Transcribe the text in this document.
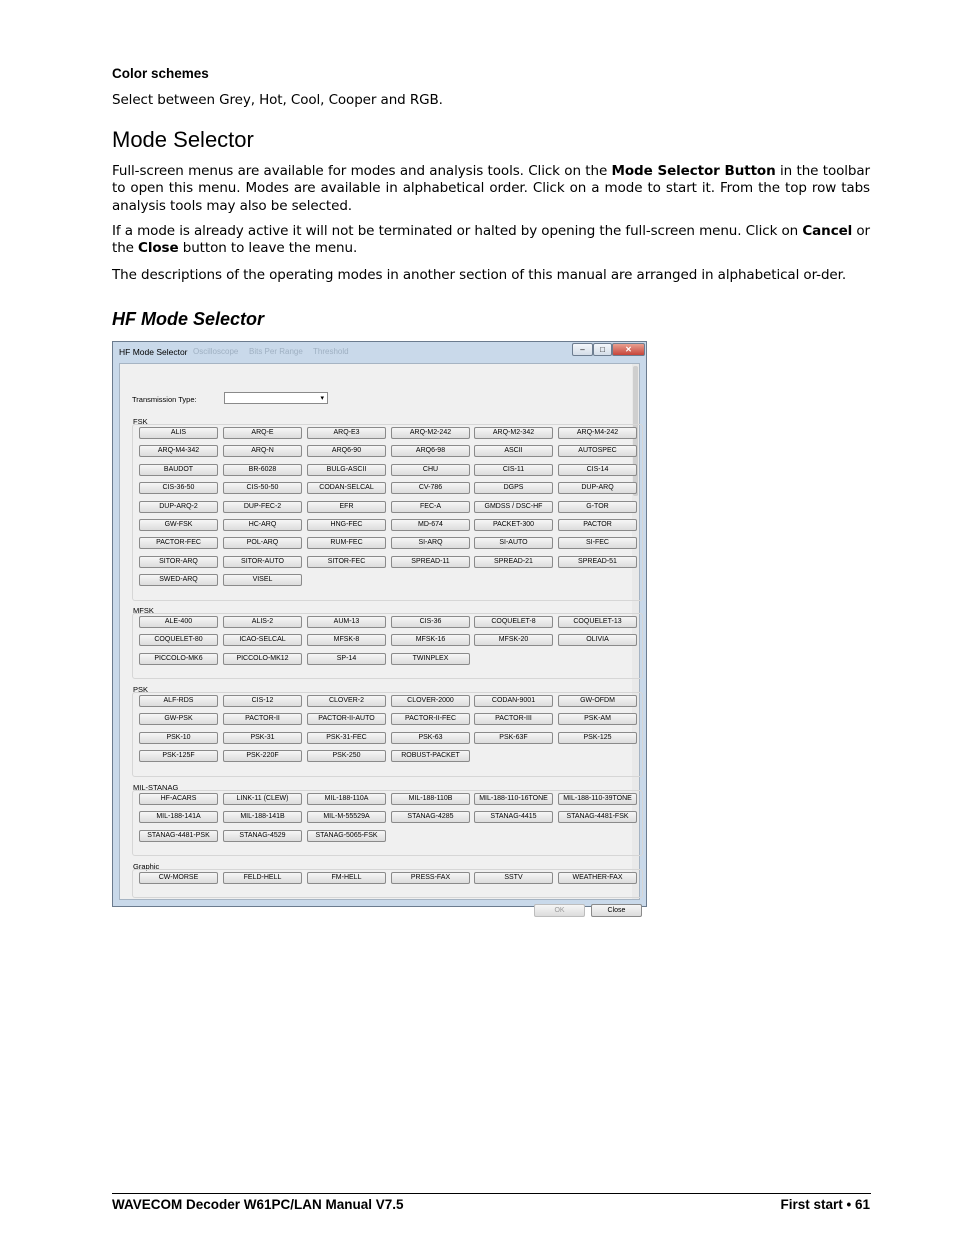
Color schemes
Select between Grey, Hot, Cool, Cooper and RGB.
Mode Selector
Full-screen menus are available for modes and analysis tools. Click on the Mode Selector Button in the toolbar to open this menu. Modes are available in alphabetical order. Click on a mode to start it. From the top row tabs analysis tools may also be selected.
If a mode is already active it will not be terminated or halted by opening the full-screen menu. Click on Cancel or the Close button to leave the menu.
The descriptions of the operating modes in another section of this manual are arranged in alphabetical or-der.
HF Mode Selector
HF Mode Selector Oscilloscope Bits Per Range Threshold	–	□	✕
Transmission Type:	▾
FSK
ALIS	ARQ-E	ARQ-E3	ARQ-M2-242	ARQ-M2-342	ARQ-M4-242
ARQ-M4-342	ARQ-N	ARQ6-90	ARQ6-98	ASCII	AUTOSPEC
BAUDOT	BR-6028	BULG-ASCII	CHU	CIS-11	CIS-14
CIS-36-50	CIS-50-50	CODAN-SELCAL	CV-786	DGPS	DUP-ARQ
DUP-ARQ-2	DUP-FEC-2	EFR	FEC-A	GMDSS / DSC-HF	G-TOR
GW-FSK	HC-ARQ	HNG-FEC	MD-674	PACKET-300	PACTOR
PACTOR-FEC	POL-ARQ	RUM-FEC	SI-ARQ	SI-AUTO	SI-FEC
SITOR-ARQ	SITOR-AUTO	SITOR-FEC	SPREAD-11	SPREAD-21	SPREAD-51
SWED-ARQ	VISEL
MFSK
ALE-400	ALIS-2	AUM-13	CIS-36	COQUELET-8	COQUELET-13
COQUELET-80	ICAO-SELCAL	MFSK-8	MFSK-16	MFSK-20	OLIVIA
PICCOLO-MK6	PICCOLO-MK12	SP-14	TWINPLEX
PSK
ALF-RDS	CIS-12	CLOVER-2	CLOVER-2000	CODAN-9001	GW-OFDM
GW-PSK	PACTOR-II	PACTOR-II-AUTO	PACTOR-II-FEC	PACTOR-III	PSK-AM
PSK-10	PSK-31	PSK-31-FEC	PSK-63	PSK-63F	PSK-125
PSK-125F	PSK-220F	PSK-250	ROBUST-PACKET
MIL-STANAG
HF-ACARS	LINK-11 (CLEW)	MIL-188-110A	MIL-188-110B	MIL-188-110-16TONE	MIL-188-110-39TONE
MIL-188-141A	MIL-188-141B	MIL-M-55529A	STANAG-4285	STANAG-4415	STANAG-4481-FSK
STANAG-4481-PSK	STANAG-4529	STANAG-5065-FSK
Graphic
CW-MORSE	FELD-HELL	FM-HELL	PRESS-FAX	SSTV	WEATHER-FAX
OK	Close
WAVECOM Decoder W61PC/LAN Manual V7.5	First start • 61
